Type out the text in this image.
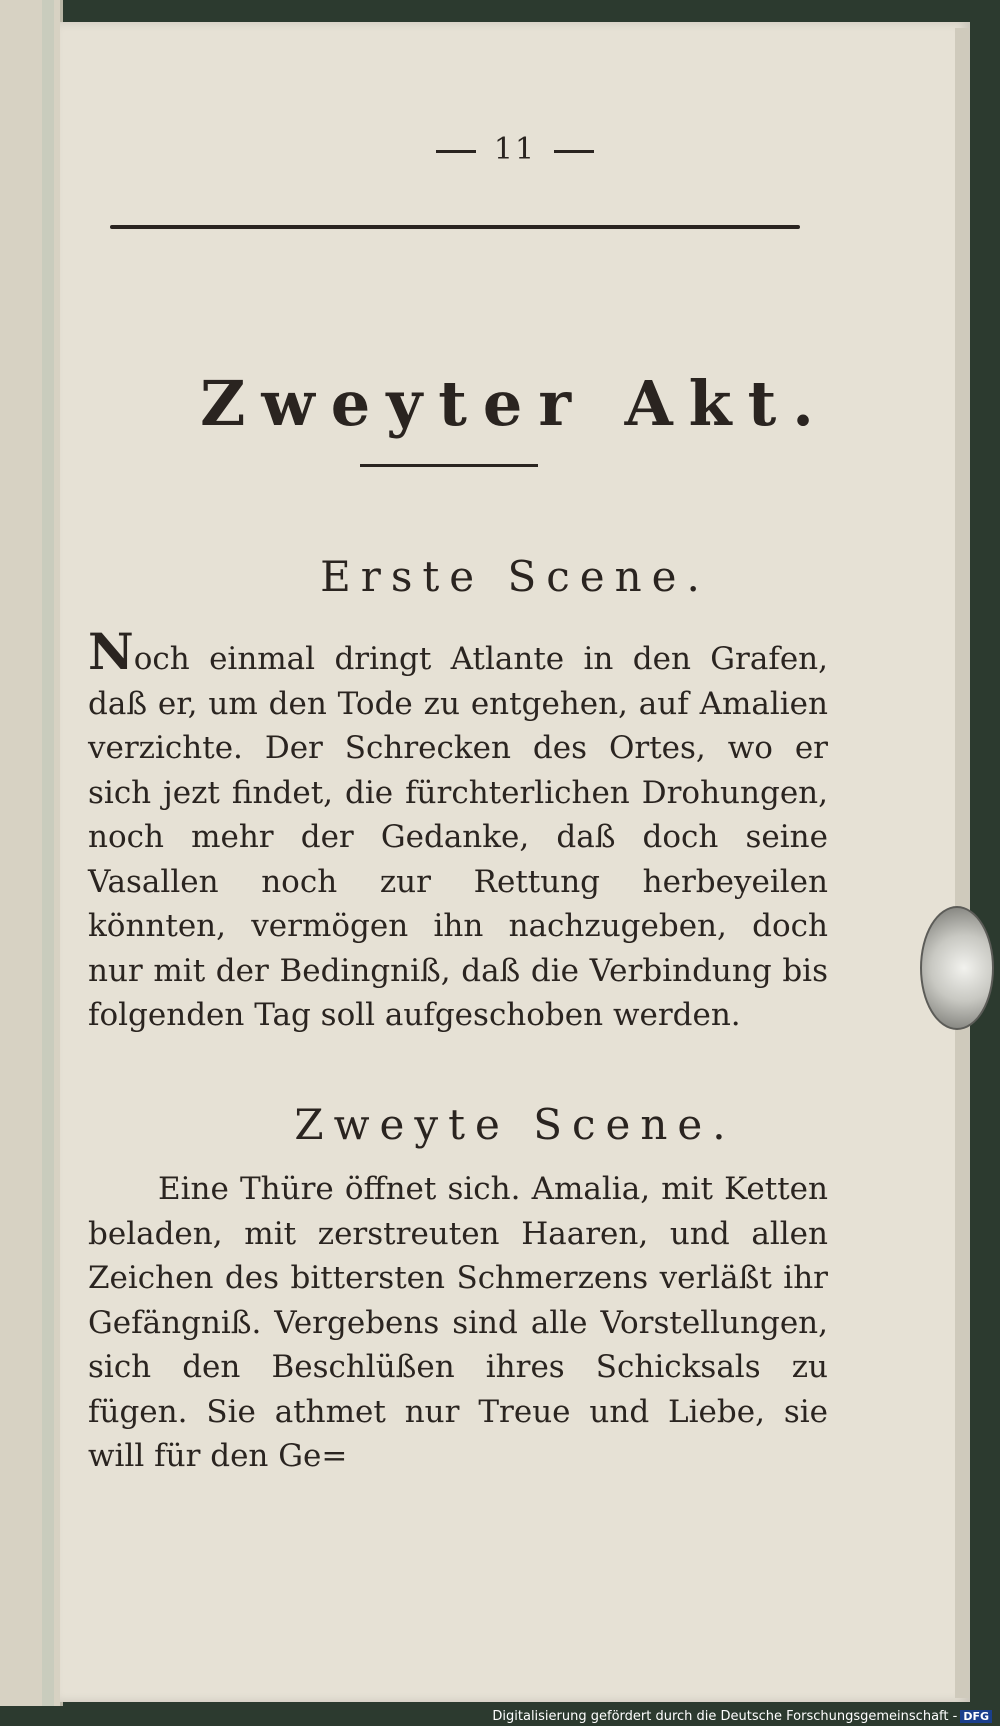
11
Zweyter Akt.
Erste Scene.
Noch einmal dringt Atlante in den Grafen, daß er, um den Tode zu entgehen, auf Amalien verzichte. Der Schrecken des Ortes, wo er sich jezt findet, die fürchterlichen Drohungen, noch mehr der Gedanke, daß doch seine Vasallen noch zur Rettung herbeyeilen könnten, vermögen ihn nachzugeben, doch nur mit der Bedingniß, daß die Verbindung bis folgenden Tag soll aufgeschoben werden.
Zweyte Scene.
Eine Thüre öffnet sich. Amalia, mit Ketten beladen, mit zerstreuten Haaren, und allen Zeichen des bittersten Schmerzens verläßt ihr Gefängniß. Vergebens sind alle Vorstellungen, sich den Beschlüßen ihres Schicksals zu fügen. Sie athmet nur Treue und Liebe, sie will für den Ge=
Digitalisierung gefördert durch die Deutsche Forschungsgemeinschaft - DFG
